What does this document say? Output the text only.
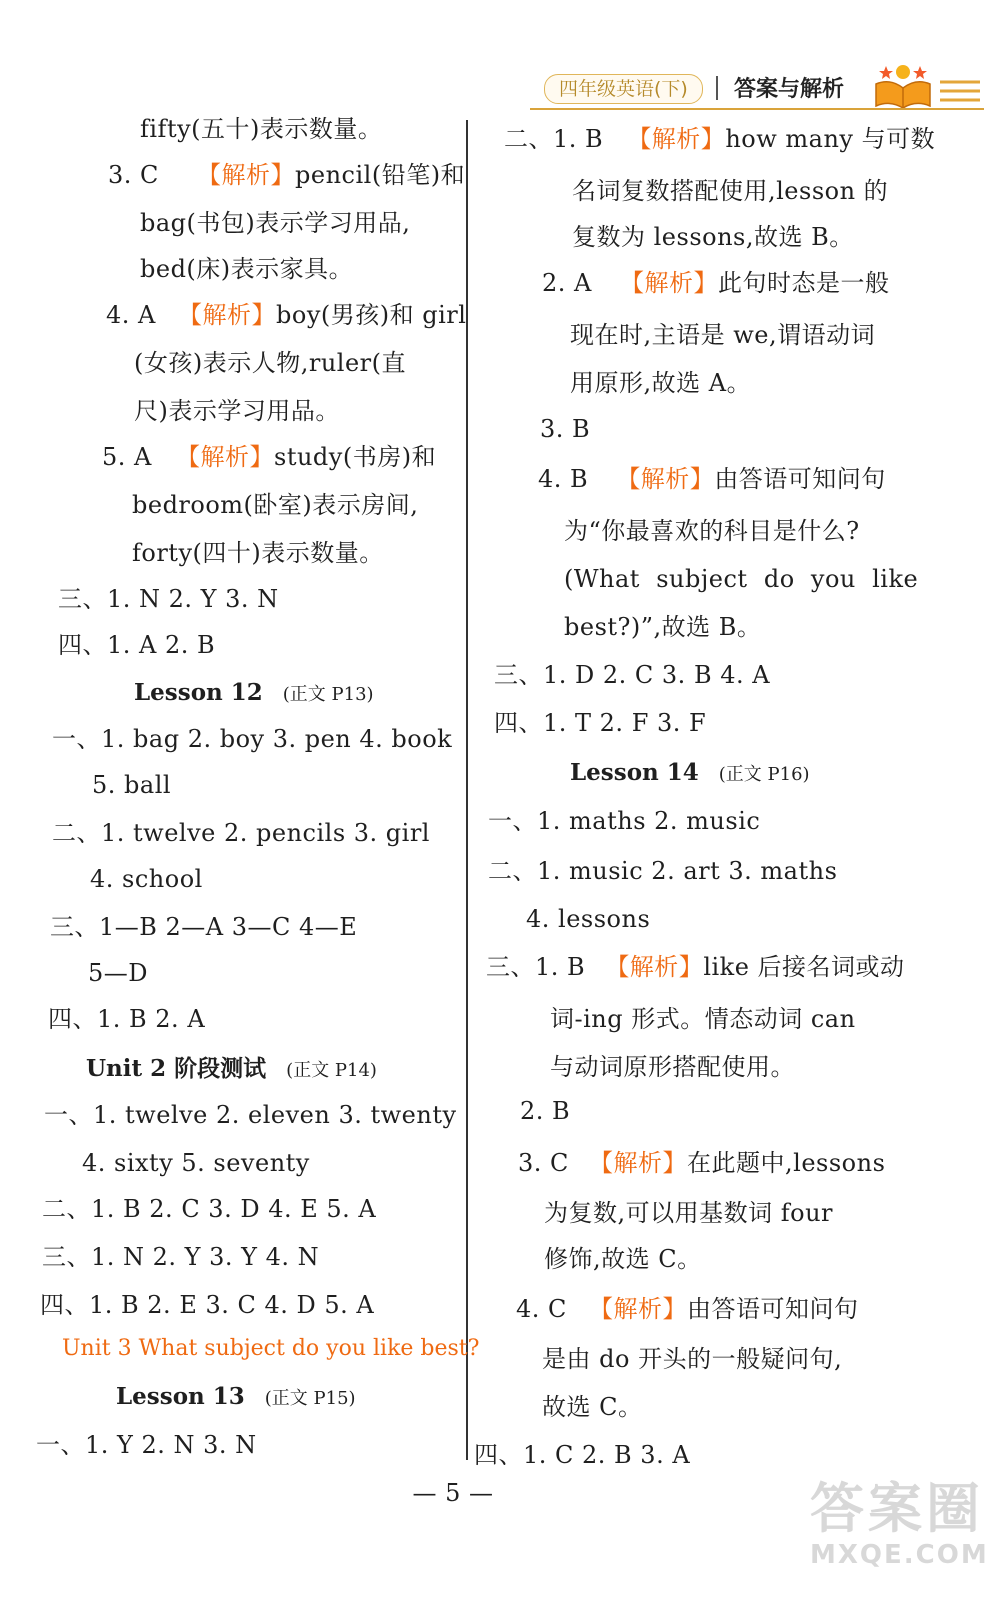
四年级英语(下)	答案与解析
fifty(五十)表示数量。
3. C 【解析】pencil(铅笔)和
bag(书包)表示学习用品,
bed(床)表示家具。
4. A 【解析】boy(男孩)和 girl
(女孩)表示人物,ruler(直
尺)表示学习用品。
5. A 【解析】study(书房)和
bedroom(卧室)表示房间,
forty(四十)表示数量。
三、1. N 2. Y 3. N
四、1. A 2. B
Lesson 12 (正文 P13)
一、1. bag 2. boy 3. pen 4. book
5. ball
二、1. twelve 2. pencils 3. girl
4. school
三、1—B 2—A 3—C 4—E
5—D
四、1. B 2. A
Unit 2 阶段测试 (正文 P14)
一、1. twelve 2. eleven 3. twenty
4. sixty 5. seventy
二、1. B 2. C 3. D 4. E 5. A
三、1. N 2. Y 3. Y 4. N
四、1. B 2. E 3. C 4. D 5. A
Unit 3 What subject do you like best?
Lesson 13 (正文 P15)
一、1. Y 2. N 3. N
二、1. B 【解析】how many 与可数
名词复数搭配使用,lesson 的
复数为 lessons,故选 B。
2. A 【解析】此句时态是一般
现在时,主语是 we,谓语动词
用原形,故选 A。
3. B
4. B 【解析】由答语可知问句
为“你最喜欢的科目是什么?
(What  subject  do  you  like
best?)”,故选 B。
三、1. D 2. C 3. B 4. A
四、1. T 2. F 3. F
Lesson 14 (正文 P16)
一、1. maths 2. music
二、1. music 2. art 3. maths
4. lessons
三、1. B 【解析】like 后接名词或动
词-ing 形式。情态动词 can
与动词原形搭配使用。
2. B
3. C 【解析】在此题中,lessons
为复数,可以用基数词 four
修饰,故选 C。
4. C 【解析】由答语可知问句
是由 do 开头的一般疑问句,
故选 C。
四、1. C 2. B 3. A
— 5 —	答案圈
MXQE.COM
